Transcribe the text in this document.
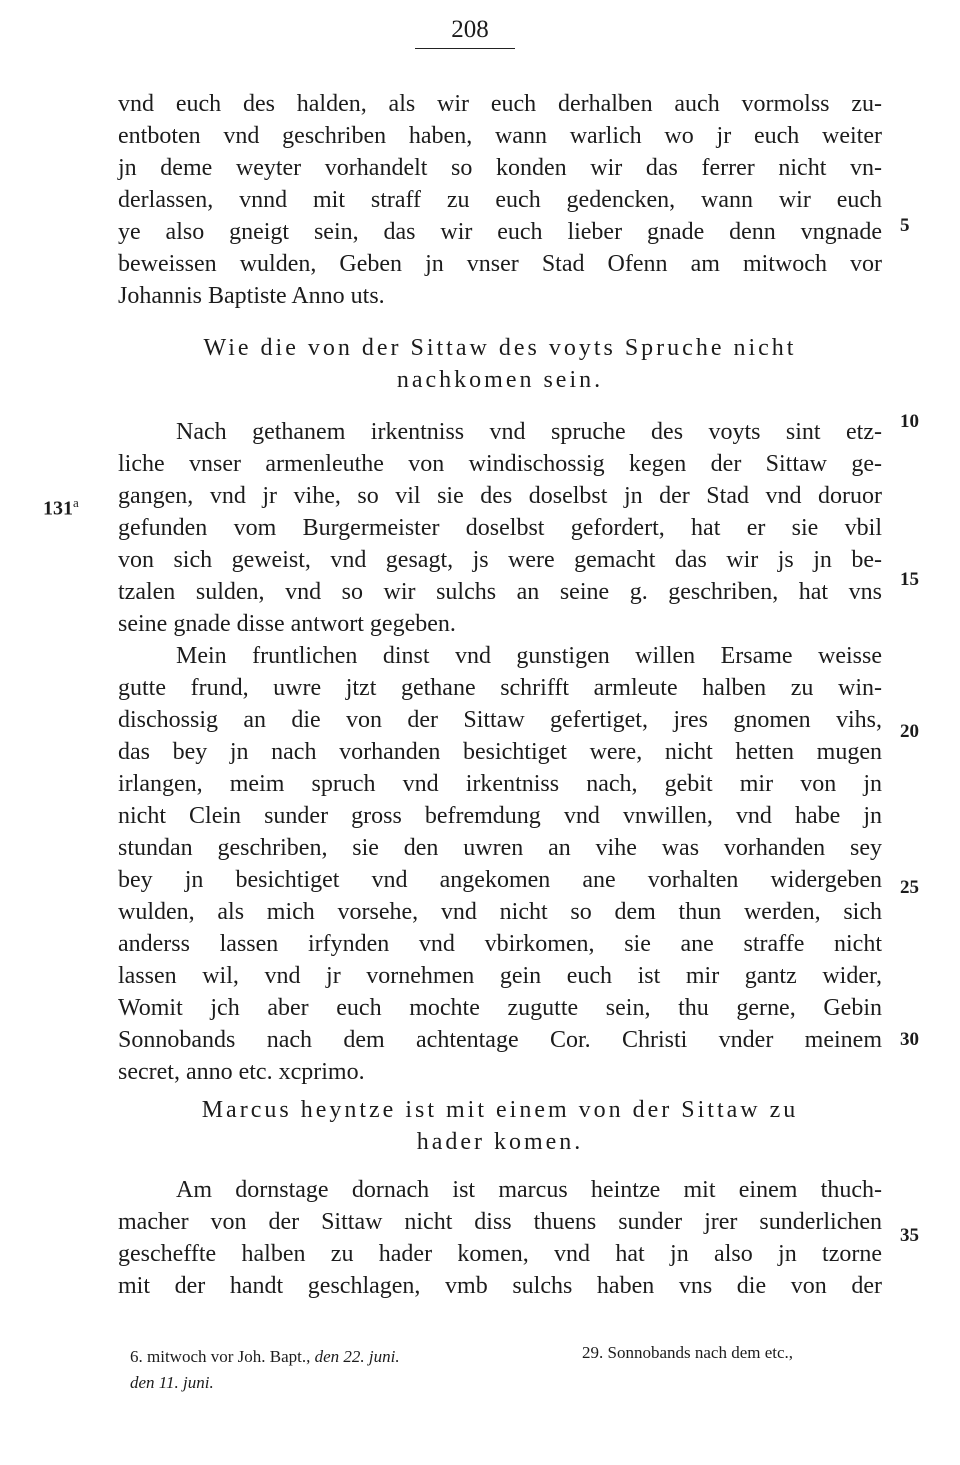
208
vnd euch des halden, als wir euch derhalben auch vormolss zu-
entboten vnd geschriben haben, wann warlich wo jr euch weiter
jn deme weyter vorhandelt so konden wir das ferrer nicht vn-
derlassen, vnnd mit straff zu euch gedencken, wann wir euch
ye also gneigt sein, das wir euch lieber gnade denn vngnade
beweissen wulden, Geben jn vnser Stad Ofenn am mitwoch vor
Johannis Baptiste Anno uts.
Wie die von der Sittaw des voyts Spruche nicht
nachkomen sein.
Nach gethanem irkentniss vnd spruche des voyts sint etz-
liche vnser armenleuthe von windischossig kegen der Sittaw ge-
gangen, vnd jr vihe, so vil sie des doselbst jn der Stad vnd doruor
gefunden vom Burgermeister doselbst gefordert, hat er sie vbil
von sich geweist, vnd gesagt, js were gemacht das wir js jn be-
tzalen sulden, vnd so wir sulchs an seine g. geschriben, hat vns
seine gnade disse antwort gegeben.
Mein fruntlichen dinst vnd gunstigen willen Ersame weisse
gutte frund, uwre jtzt gethane schrifft armleute halben zu win-
dischossig an die von der Sittaw gefertiget, jres gnomen vihs,
das bey jn nach vorhanden besichtiget were, nicht hetten mugen
irlangen, meim spruch vnd irkentniss nach, gebit mir von jn
nicht Clein sunder gross befremdung vnd vnwillen, vnd habe jn
stundan geschriben, sie den uwren an vihe was vorhanden sey
bey jn besichtiget vnd angekomen ane vorhalten widergeben
wulden, als mich vorsehe, vnd nicht so dem thun werden, sich
anderss lassen irfynden vnd vbirkomen, sie ane straffe nicht
lassen wil, vnd jr vornehmen gein euch ist mir gantz wider,
Womit jch aber euch mochte zugutte sein, thu gerne, Gebin
Sonnobands nach dem achtentage Cor. Christi vnder meinem
secret, anno etc. xcprimo.
Marcus heyntze ist mit einem von der Sittaw zu
hader komen.
Am dornstage dornach ist marcus heintze mit einem thuch-
macher von der Sittaw nicht diss thuens sunder jrer sunderlichen
gescheffte halben zu hader komen, vnd hat jn also jn tzorne
mit der handt geschlagen, vmb sulchs haben vns die von der
5
10
15
20
25
30
35
131$^a$
6. mitwoch vor Joh. Bapt., den 22. juni.
den 11. juni.
29. Sonnobands nach dem etc.,
